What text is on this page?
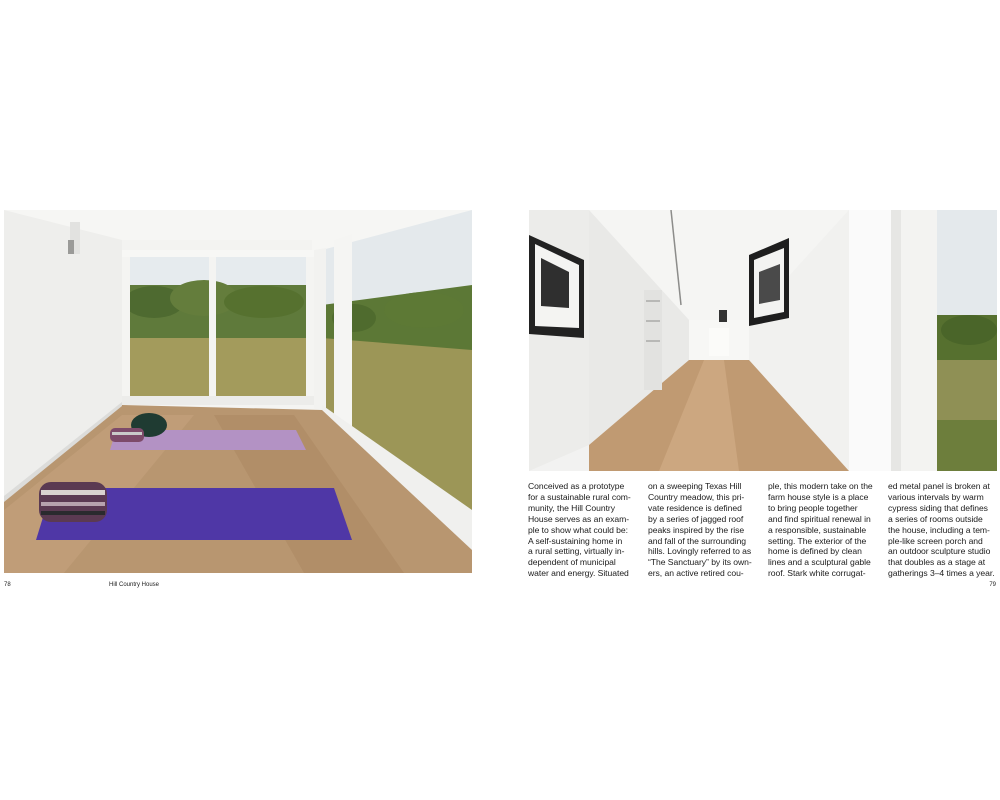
78	Hill Country House
Conceived as a prototype
for a sustainable rural com-
munity, the Hill Country
House serves as an exam-
ple to show what could be:
A self-sustaining home in
a rural setting, virtually in-
dependent of municipal
water and energy. Situated
on a sweeping Texas Hill
Country meadow, this pri-
vate residence is defined
by a series of jagged roof
peaks inspired by the rise
and fall of the surrounding
hills. Lovingly referred to as
“The Sanctuary” by its own-
ers, an active retired cou-
ple, this modern take on the
farm house style is a place
to bring people together
and find spiritual renewal in
a responsible, sustainable
setting. The exterior of the
home is defined by clean
lines and a sculptural gable
roof. Stark white corrugat-
ed metal panel is broken at
various intervals by warm
cypress siding that defines
a series of rooms outside
the house, including a tem-
ple-like screen porch and
an outdoor sculpture studio
that doubles as a stage at
gatherings 3–4 times a year.
79
